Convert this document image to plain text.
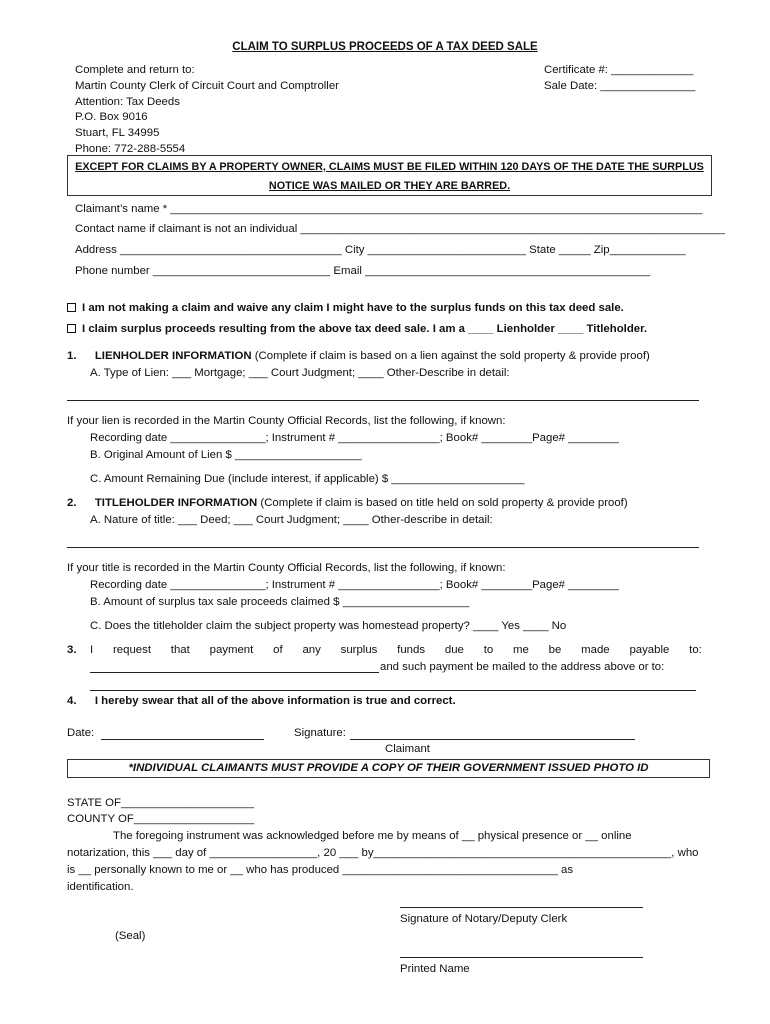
CLAIM TO SURPLUS PROCEEDS OF A TAX DEED SALE
Complete and return to:
Martin County Clerk of Circuit Court and Comptroller
Attention: Tax Deeds
P.O. Box 9016
Stuart, FL 34995
Phone: 772-288-5554
Certificate #: _____________
Sale Date: _______________
EXCEPT FOR CLAIMS BY A PROPERTY OWNER, CLAIMS MUST BE FILED WITHIN 120 DAYS OF THE DATE THE SURPLUS
NOTICE WAS MAILED OR THEY ARE BARRED.
Claimant’s name * ____________________________________________________________________________________
Contact name if claimant is not an individual ___________________________________________________________________
Address ___________________________________ City _________________________ State _____ Zip____________
Phone number ____________________________ Email _____________________________________________
I am not making a claim and waive any claim I might have to the surplus funds on this tax deed sale.
I claim surplus proceeds resulting from the above tax deed sale. I am a ____ Lienholder ____ Titleholder.
1. LIENHOLDER INFORMATION (Complete if claim is based on a lien against the sold property & provide proof)
A. Type of Lien: ___ Mortgage; ___ Court Judgment; ____ Other-Describe in detail:
If your lien is recorded in the Martin County Official Records, list the following, if known:
Recording date _______________; Instrument # ________________; Book# ________Page# ________
B. Original Amount of Lien $ ____________________
C. Amount Remaining Due (include interest, if applicable) $ _____________________
2. TITLEHOLDER INFORMATION (Complete if claim is based on title held on sold property & provide proof)
A. Nature of title: ___ Deed; ___ Court Judgment; ____ Other-describe in detail:
If your title is recorded in the Martin County Official Records, list the following, if known:
Recording date _______________; Instrument # ________________; Book# ________Page# ________
B. Amount of surplus tax sale proceeds claimed $ ____________________
C. Does the titleholder claim the subject property was homestead property? ____ Yes ____ No
3. I request that payment of any surplus funds due to me be made payable to:
and such payment be mailed to the address above or to:
4. I hereby swear that all of the above information is true and correct.
Date:	Signature:
Claimant
*INDIVIDUAL CLAIMANTS MUST PROVIDE A COPY OF THEIR GOVERNMENT ISSUED PHOTO ID
STATE OF_____________________
COUNTY OF___________________
The foregoing instrument was acknowledged before me by means of __ physical presence or __ online
notarization, this ___ day of _________________, 20 ___ by_______________________________________________, who
is __ personally known to me or __ who has produced __________________________________ as
identification.
Signature of Notary/Deputy Clerk
(Seal)
Printed Name
